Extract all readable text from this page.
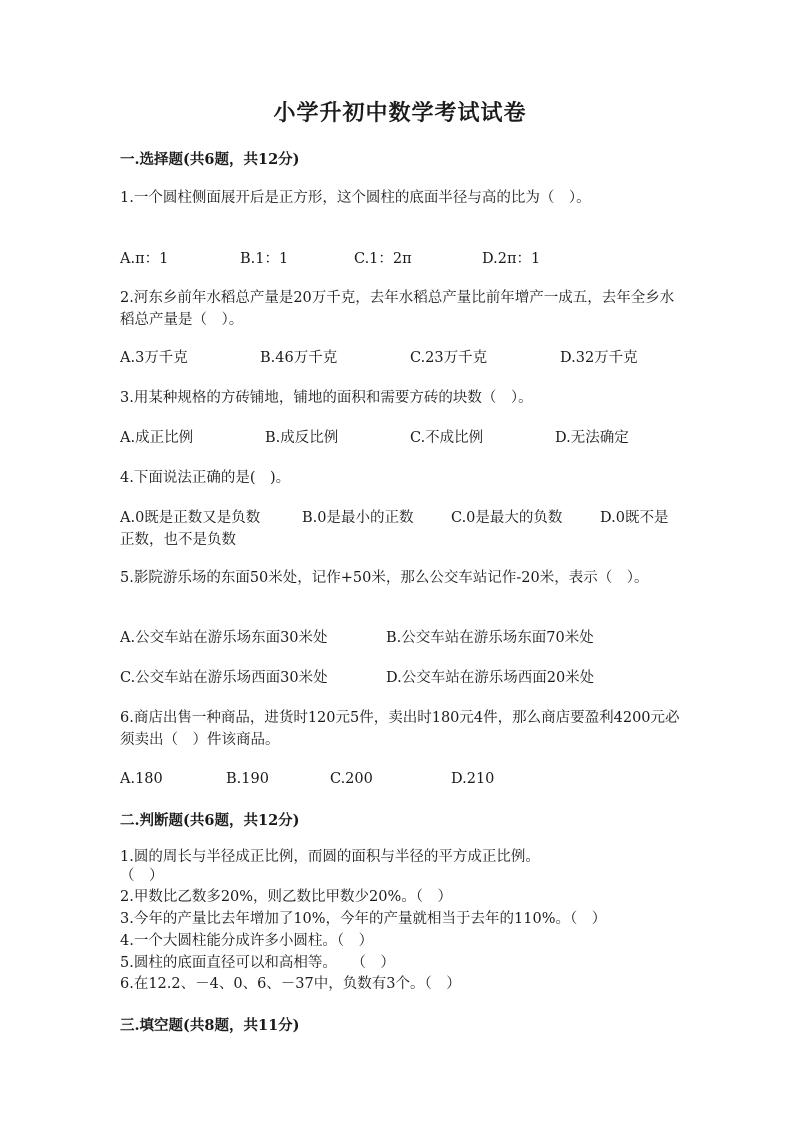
小学升初中数学考试试卷
一.选择题(共6题，共12分)
1.一个圆柱侧面展开后是正方形，这个圆柱的底面半径与高的比为（　）。
A.π：1	B.1：1	C.1：2π	D.2π：1
2.河东乡前年水稻总产量是20万千克，去年水稻总产量比前年增产一成五，去年全乡水稻总产量是（　）。
A.3万千克	B.46万千克	C.23万千克	D.32万千克
3.用某种规格的方砖铺地，铺地的面积和需要方砖的块数（　）。
A.成正比例	B.成反比例	C.不成比例	D.无法确定
4.下面说法正确的是(　)。
A.0既是正数又是负数	B.0是最小的正数	C.0是最大的负数	D.0既不是
正数，也不是负数
5.影院游乐场的东面50米处，记作+50米，那么公交车站记作-20米，表示（　）。
A.公交车站在游乐场东面30米处	B.公交车站在游乐场东面70米处
C.公交车站在游乐场西面30米处	D.公交车站在游乐场西面20米处
6.商店出售一种商品，进货时120元5件，卖出时180元4件，那么商店要盈利4200元必须卖出（　）件该商品。
A.180	B.190	C.200	D.210
二.判断题(共6题，共12分)
1.圆的周长与半径成正比例，而圆的面积与半径的平方成正比例。
（　）
2.甲数比乙数多20%，则乙数比甲数少20%。（　）
3.今年的产量比去年增加了10%，今年的产量就相当于去年的110%。（　）
4.一个大圆柱能分成许多小圆柱。（　）
5.圆柱的底面直径可以和高相等。　　（　）
6.在12.2、－4、0、6、－37中，负数有3个。（　）
三.填空题(共8题，共11分)
